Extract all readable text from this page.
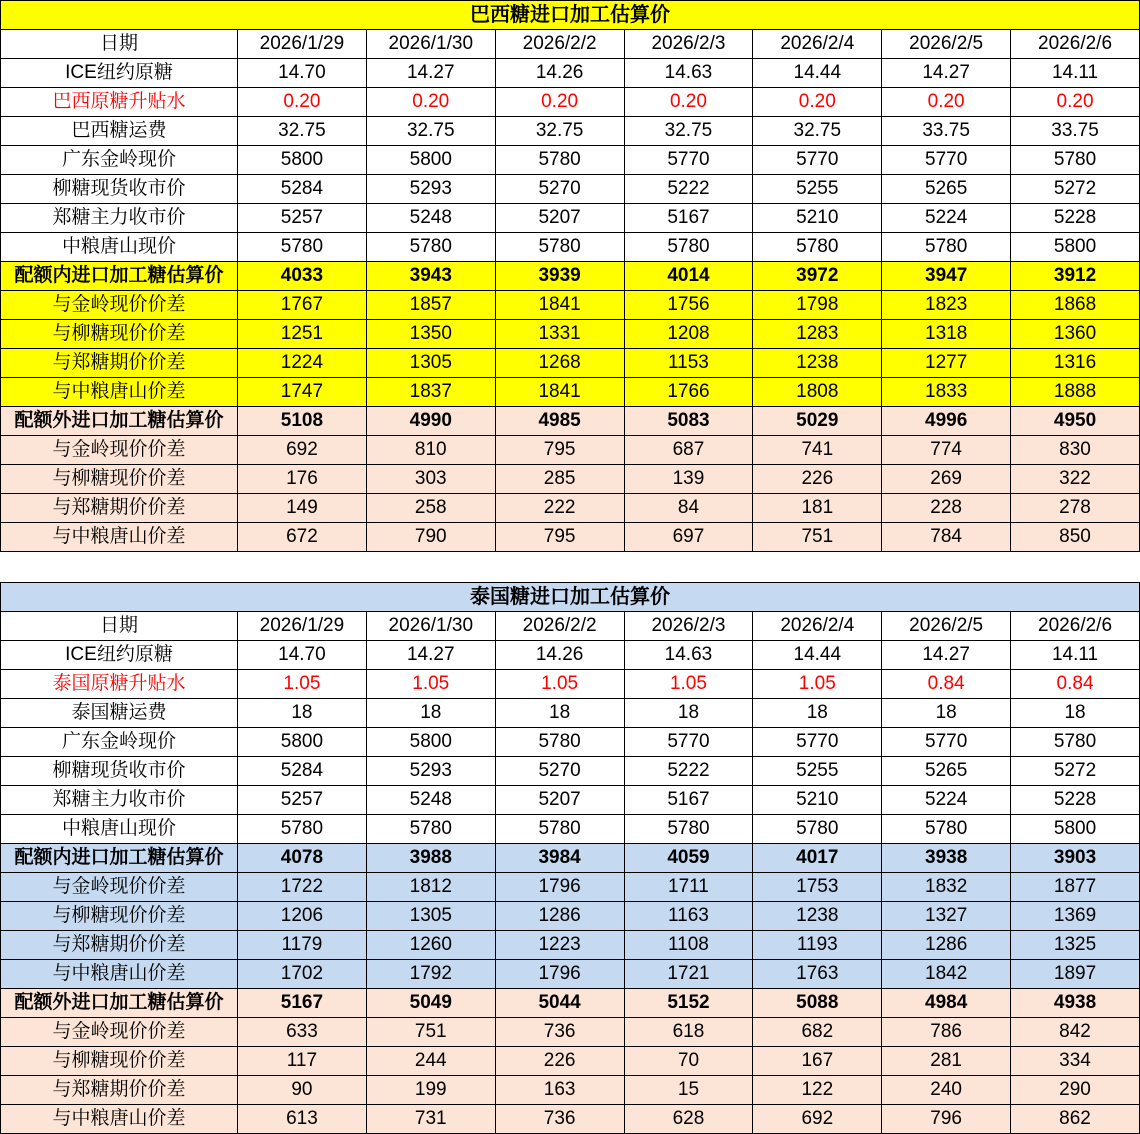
巴西糖进口加工估算价							
日期	2026/1/29	2026/1/30	2026/2/2	2026/2/3	2026/2/4	2026/2/5	2026/2/6
ICE纽约原糖	14.70	14.27	14.26	14.63	14.44	14.27	14.11
巴西原糖升贴水	0.20	0.20	0.20	0.20	0.20	0.20	0.20
巴西糖运费	32.75	32.75	32.75	32.75	32.75	33.75	33.75
广东金岭现价	5800	5800	5780	5770	5770	5770	5780
柳糖现货收市价	5284	5293	5270	5222	5255	5265	5272
郑糖主力收市价	5257	5248	5207	5167	5210	5224	5228
中粮唐山现价	5780	5780	5780	5780	5780	5780	5800
配额内进口加工糖估算价	4033	3943	3939	4014	3972	3947	3912
与金岭现价价差	1767	1857	1841	1756	1798	1823	1868
与柳糖现价价差	1251	1350	1331	1208	1283	1318	1360
与郑糖期价价差	1224	1305	1268	1153	1238	1277	1316
与中粮唐山价差	1747	1837	1841	1766	1808	1833	1888
配额外进口加工糖估算价	5108	4990	4985	5083	5029	4996	4950
与金岭现价价差	692	810	795	687	741	774	830
与柳糖现价价差	176	303	285	139	226	269	322
与郑糖期价价差	149	258	222	84	181	228	278
与中粮唐山价差	672	790	795	697	751	784	850
泰国糖进口加工估算价							
日期	2026/1/29	2026/1/30	2026/2/2	2026/2/3	2026/2/4	2026/2/5	2026/2/6
ICE纽约原糖	14.70	14.27	14.26	14.63	14.44	14.27	14.11
泰国原糖升贴水	1.05	1.05	1.05	1.05	1.05	0.84	0.84
泰国糖运费	18	18	18	18	18	18	18
广东金岭现价	5800	5800	5780	5770	5770	5770	5780
柳糖现货收市价	5284	5293	5270	5222	5255	5265	5272
郑糖主力收市价	5257	5248	5207	5167	5210	5224	5228
中粮唐山现价	5780	5780	5780	5780	5780	5780	5800
配额内进口加工糖估算价	4078	3988	3984	4059	4017	3938	3903
与金岭现价价差	1722	1812	1796	1711	1753	1832	1877
与柳糖现价价差	1206	1305	1286	1163	1238	1327	1369
与郑糖期价价差	1179	1260	1223	1108	1193	1286	1325
与中粮唐山价差	1702	1792	1796	1721	1763	1842	1897
配额外进口加工糖估算价	5167	5049	5044	5152	5088	4984	4938
与金岭现价价差	633	751	736	618	682	786	842
与柳糖现价价差	117	244	226	70	167	281	334
与郑糖期价价差	90	199	163	15	122	240	290
与中粮唐山价差	613	731	736	628	692	796	862
